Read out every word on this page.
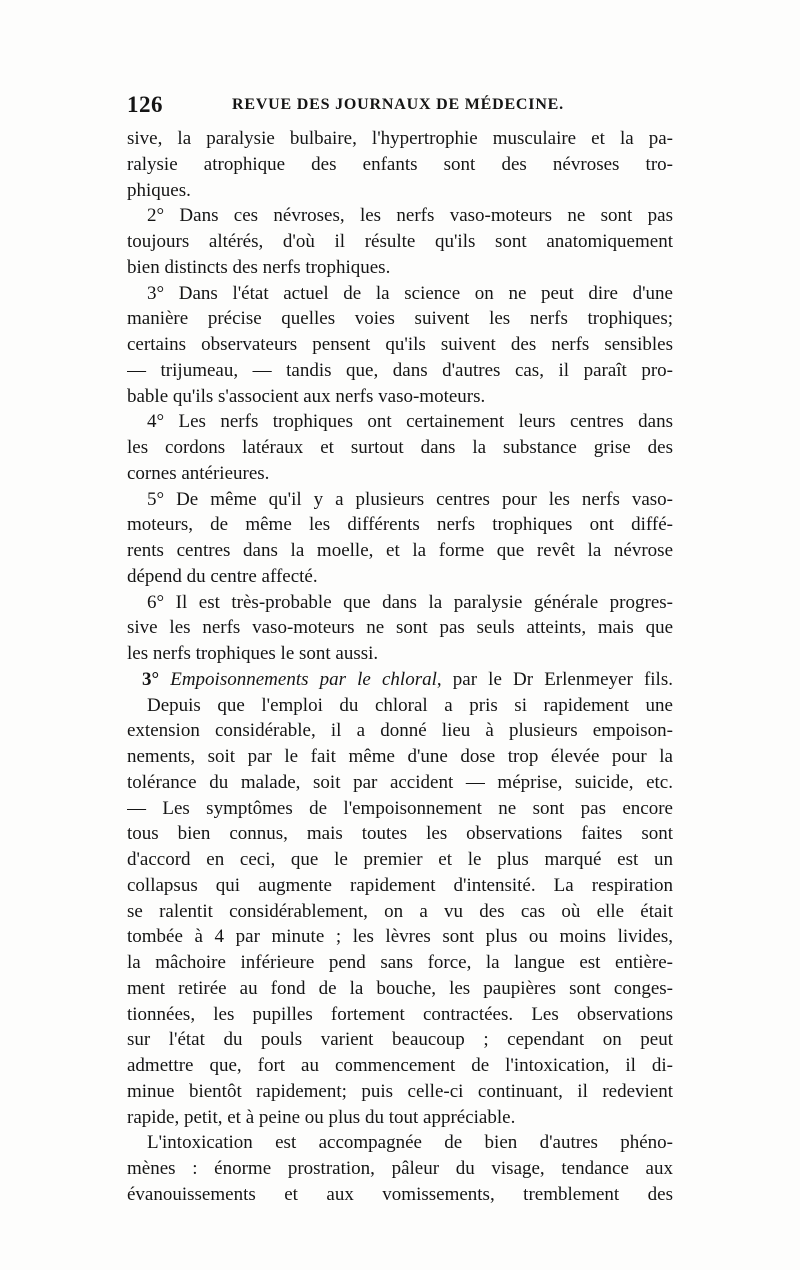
126	REVUE DES JOURNAUX DE MÉDECINE.
sive, la paralysie bulbaire, l'hypertrophie musculaire et la pa-
ralysie atrophique des enfants sont des névroses tro-
phiques.
2° Dans ces névroses, les nerfs vaso-moteurs ne sont pas
toujours altérés, d'où il résulte qu'ils sont anatomiquement
bien distincts des nerfs trophiques.
3° Dans l'état actuel de la science on ne peut dire d'une
manière précise quelles voies suivent les nerfs trophiques;
certains observateurs pensent qu'ils suivent des nerfs sensibles
— trijumeau, — tandis que, dans d'autres cas, il paraît pro-
bable qu'ils s'associent aux nerfs vaso-moteurs.
4° Les nerfs trophiques ont certainement leurs centres dans
les cordons latéraux et surtout dans la substance grise des
cornes antérieures.
5° De même qu'il y a plusieurs centres pour les nerfs vaso-
moteurs, de même les différents nerfs trophiques ont diffé-
rents centres dans la moelle, et la forme que revêt la névrose
dépend du centre affecté.
6° Il est très-probable que dans la paralysie générale progres-
sive les nerfs vaso-moteurs ne sont pas seuls atteints, mais que
les nerfs trophiques le sont aussi.
3° Empoisonnements par le chloral, par le Dr Erlenmeyer fils.
Depuis que l'emploi du chloral a pris si rapidement une
extension considérable, il a donné lieu à plusieurs empoison-
nements, soit par le fait même d'une dose trop élevée pour la
tolérance du malade, soit par accident — méprise, suicide, etc.
— Les symptômes de l'empoisonnement ne sont pas encore
tous bien connus, mais toutes les observations faites sont
d'accord en ceci, que le premier et le plus marqué est un
collapsus qui augmente rapidement d'intensité. La respiration
se ralentit considérablement, on a vu des cas où elle était
tombée à 4 par minute ; les lèvres sont plus ou moins livides,
la mâchoire inférieure pend sans force, la langue est entière-
ment retirée au fond de la bouche, les paupières sont conges-
tionnées, les pupilles fortement contractées. Les observations
sur l'état du pouls varient beaucoup ; cependant on peut
admettre que, fort au commencement de l'intoxication, il di-
minue bientôt rapidement; puis celle-ci continuant, il redevient
rapide, petit, et à peine ou plus du tout appréciable.
L'intoxication est accompagnée de bien d'autres phéno-
mènes : énorme prostration, pâleur du visage, tendance aux
évanouissements et aux vomissements, tremblement des
